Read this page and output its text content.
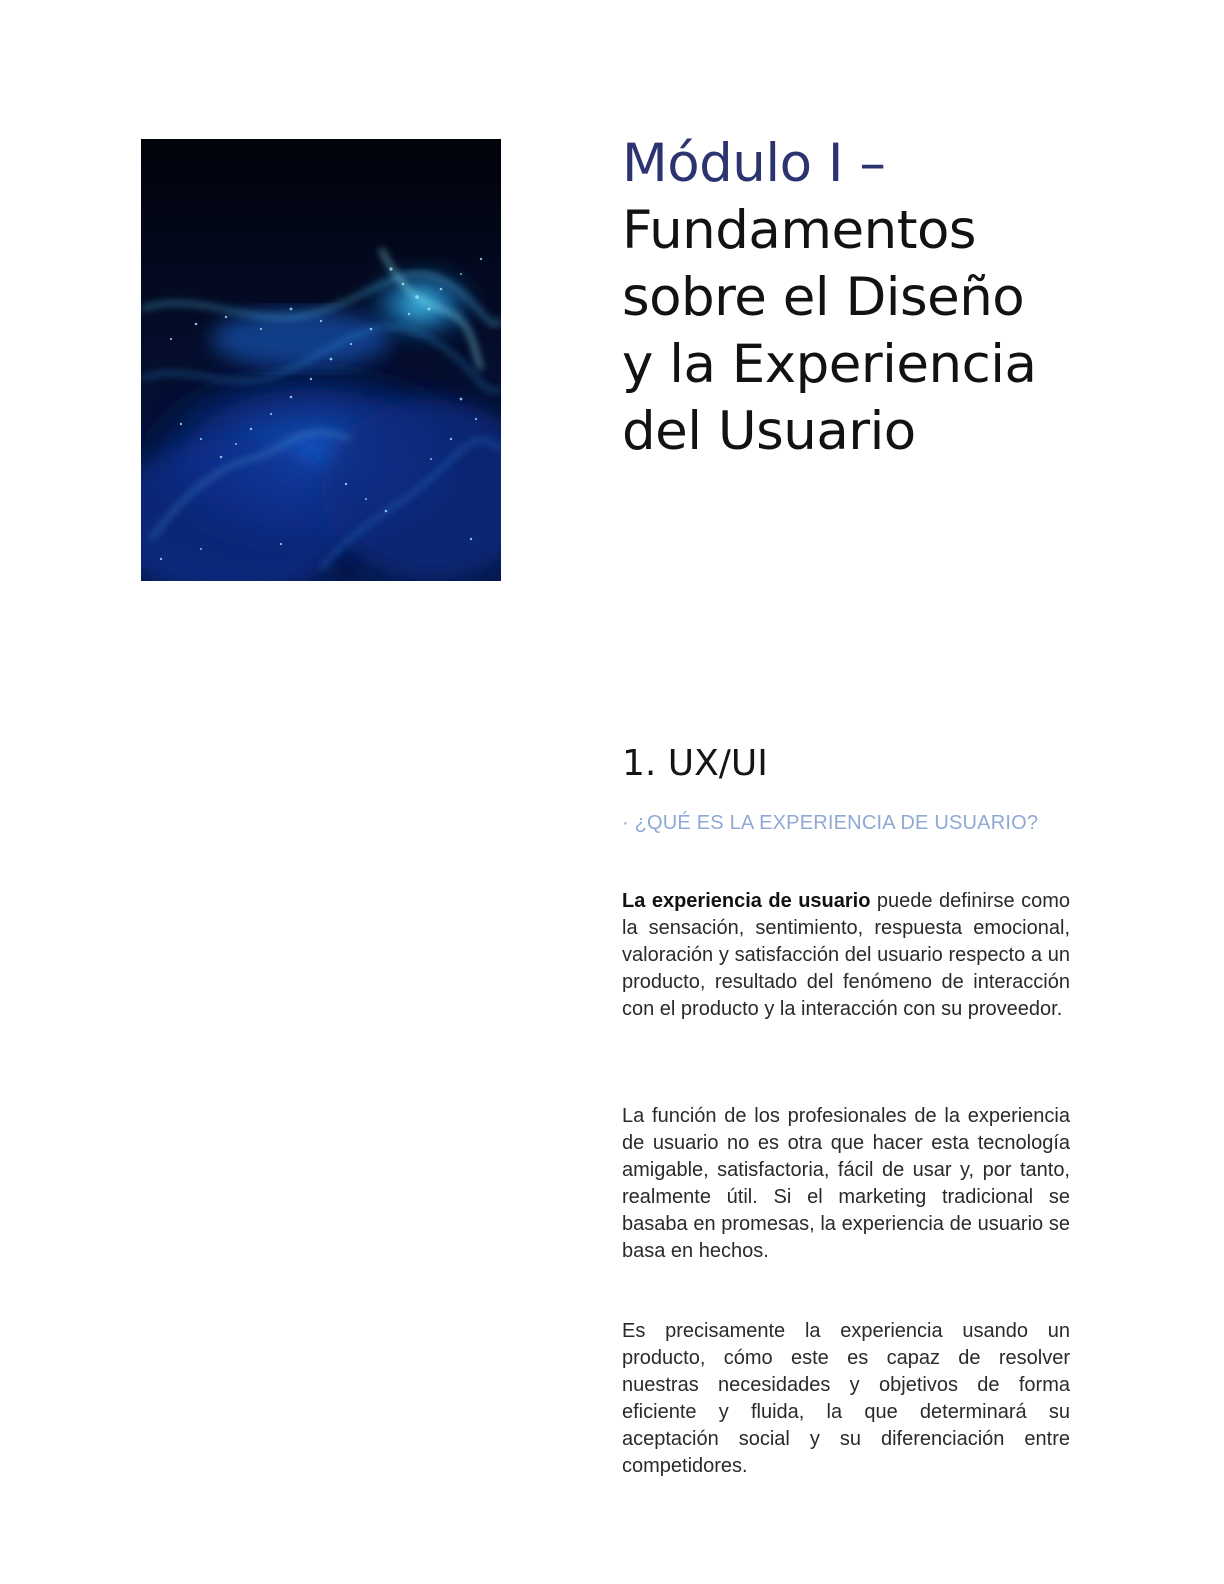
Módulo I –
Fundamentos
sobre el Diseño
y la Experiencia
del Usuario
1. UX/UI

· ¿QUÉ ES LA EXPERIENCIA DE USUARIO?

La experiencia de usuario puede definirse como la sensación, sentimiento, respuesta emocional, valoración y satisfacción del usuario respecto a un producto, resultado del fenómeno de interacción con el producto y la interacción con su proveedor.

La función de los profesionales de la experiencia de usuario no es otra que hacer esta tecnología amigable, satisfactoria, fácil de usar y, por tanto, realmente útil. Si el marketing tradicional se basaba en promesas, la experiencia de usuario se basa en hechos.

Es precisamente la experiencia usando un producto, cómo este es capaz de resolver nuestras necesidades y objetivos de forma eficiente y fluida, la que determinará su aceptación social y su diferenciación entre competidores.
